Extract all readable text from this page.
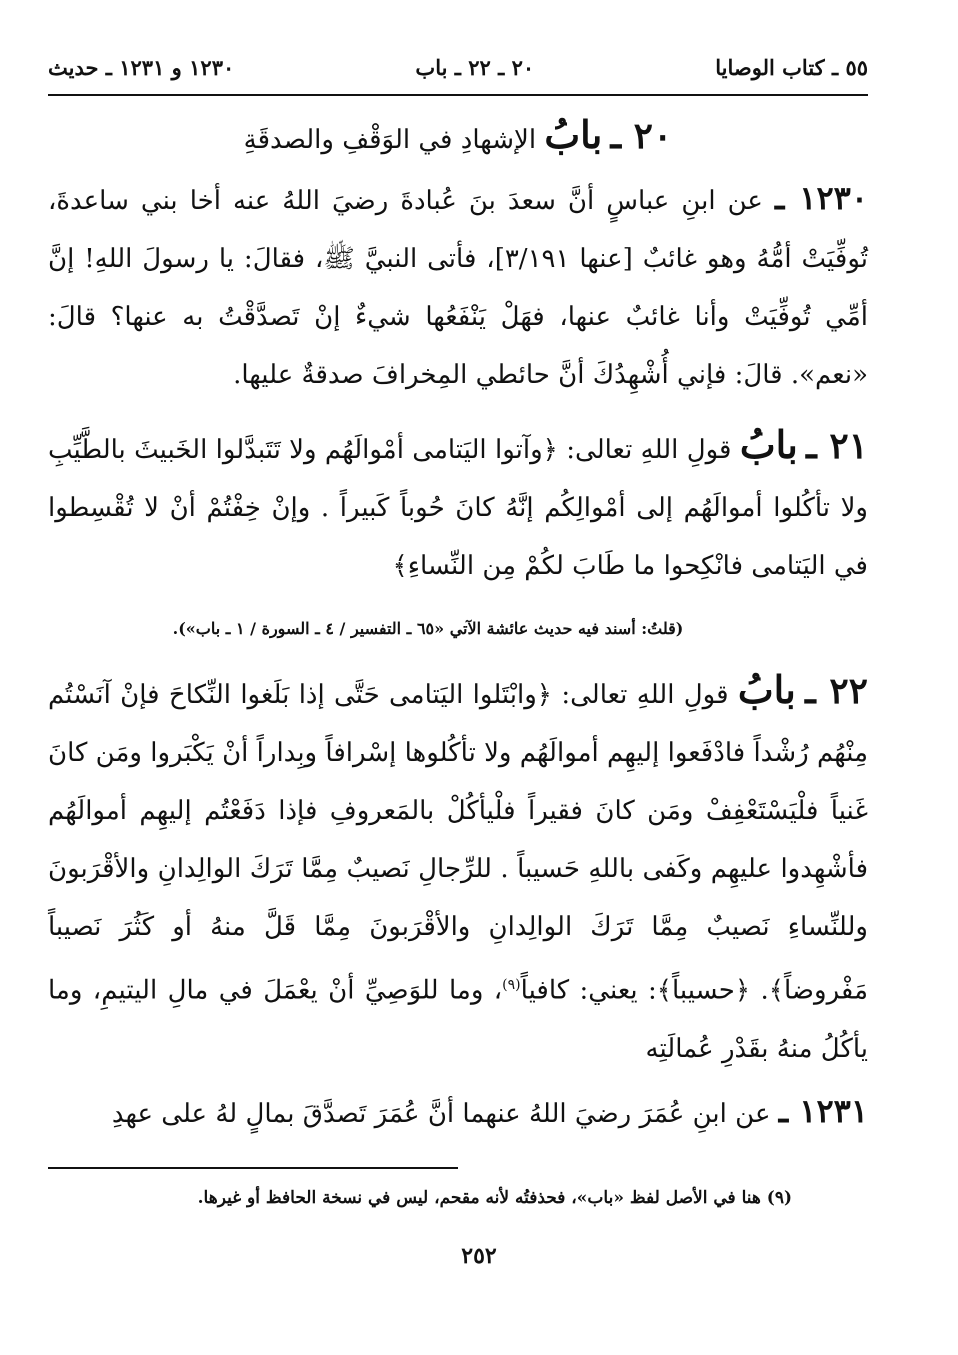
٥٥ ـ كتاب الوصايا
٢٠ ـ ٢٢ ـ باب
١٢٣٠ و ١٢٣١ ـ حديث
٢٠ ـ بابُ الإشهادِ في الوَقْفِ والصدقَةِ

١٢٣٠ ـ عن ابنِ عباسٍ أنَّ سعدَ بنَ عُبادةَ رضيَ اللهُ عنه أخا بني ساعدةَ، تُوفِّيَتْ أمُّهُ وهو غائبٌ [عنها ٣/١٩١]، فأتى النبيَّ ﷺ، فقالَ: يا رسولَ اللهِ! إنَّ أمِّي تُوفِّيَتْ وأنا غائبٌ عنها، فهَلْ يَنْفَعُها شيءٌ إنْ تَصدَّقْتُ به عنها؟ قالَ: «نعم». قالَ: فإني أُشْهِدُكَ أنَّ حائطي المِخرافَ صدقةٌ عليها.

٢١ ـ بابُ قولِ اللهِ تعالى: ﴿وآتوا اليَتامى أمْوالَهُم ولا تَتَبدَّلوا الخَبيثَ بالطَّيِّبِ ولا تأكُلوا أموالَهُم إلى أمْوالِكُم إنَّهُ كانَ حُوباً كَبيراً . وإنْ خِفْتُمْ أنْ لا تُقْسِطوا في اليَتامى فانْكِحوا ما طَابَ لكُمْ مِن النِّساءِ﴾

(قلتُ: أسند فيه حديث عائشة الآتي «٦٥ ـ التفسير / ٤ ـ السورة / ١ ـ باب»).

٢٢ ـ بابُ قولِ اللهِ تعالى: ﴿وابْتَلوا اليَتامى حَتَّى إذا بَلَغوا النِّكاحَ فإنْ آنَسْتُم مِنْهُم رُشْداً فادْفَعوا إليهِم أموالَهُم ولا تأكُلوها إسْرافاً وبِداراً أنْ يَكْبَروا ومَن كانَ غَنياً فلْيَسْتَعْفِفْ ومَن كانَ فقيراً فلْيأكُلْ بالمَعروفِ فإذا دَفَعْتُم إليهِم أموالَهُم فأشْهِدوا عليهِم وكَفى باللهِ حَسيباً . للرِّجالِ نَصيبٌ مِمَّا تَرَكَ الوالِدانِ والأقْرَبونَ وللنِّساءِ نَصيبٌ مِمَّا تَرَكَ الوالِدانِ والأقْرَبونَ مِمَّا قَلَّ منهُ أو كَثُرَ نَصيباً مَفْروضاً﴾. ﴿حسيباً﴾: يعني: كافياً$^{(٩)}$، وما للوَصِيِّ أنْ يعْمَلَ في مالِ اليتيمِ، وما يأكُلُ منهُ بقَدْرِ عُمالَتِه

١٢٣١ ـ عن ابنِ عُمَرَ رضيَ اللهُ عنهما أنَّ عُمَرَ تَصدَّقَ بمالٍ لهُ على عهدِ

(٩) هنا في الأصل لفظ «باب»، فحذفتُه لأنه مقحم، ليس في نسخة الحافظ أو غيرها.
٢٥٢
